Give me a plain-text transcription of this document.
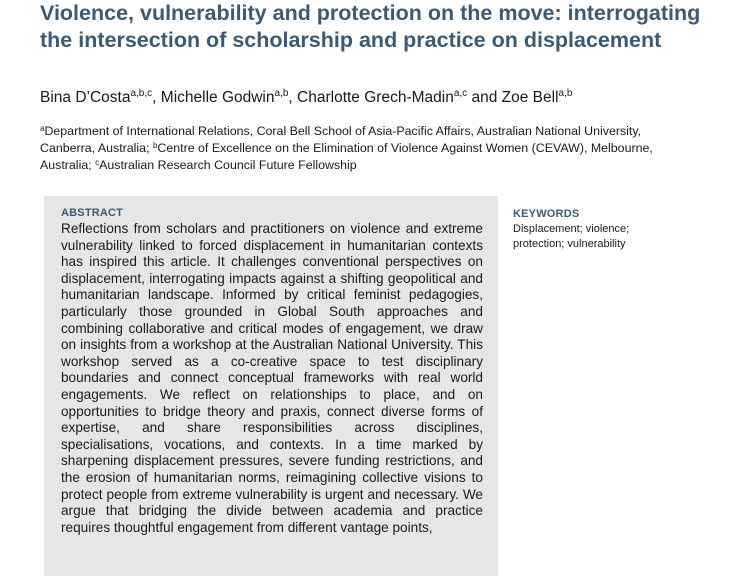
Violence, vulnerability and protection on the move: interrogating the intersection of scholarship and practice on displacement
Bina D’Costa$^{a,b,c}$, Michelle Godwin$^{a,b}$, Charlotte Grech-Madin$^{a,c}$ and Zoe Bell$^{a,b}$
$^a$Department of International Relations, Coral Bell School of Asia-Pacific Affairs, Australian National University, Canberra, Australia; $^b$Centre of Excellence on the Elimination of Violence Against Women (CEVAW), Melbourne, Australia; $^c$Australian Research Council Future Fellowship
ABSTRACT

Reflections from scholars and practitioners on violence and extreme vulnerability linked to forced displacement in humanitarian contexts has inspired this article. It challenges conventional perspectives on displacement, interrogating impacts against a shifting geopolitical and humanitarian landscape. Informed by critical feminist pedagogies, particularly those grounded in Global South approaches and combining collaborative and critical modes of engagement, we draw on insights from a workshop at the Australian National University. This workshop served as a co-creative space to test disciplinary boundaries and connect conceptual frameworks with real world engagements. We reflect on relationships to place, and on opportunities to bridge theory and praxis, connect diverse forms of expertise, and share responsibilities across disciplines, specialisations, vocations, and contexts. In a time marked by sharpening displacement pressures, severe funding restrictions, and the erosion of humanitarian norms, reimagining collective visions to protect people from extreme vulnerability is urgent and necessary. We argue that bridging the divide between academia and practice requires thoughtful engagement from different vantage points,

KEYWORDS
Displacement; violence; protection; vulnerability
